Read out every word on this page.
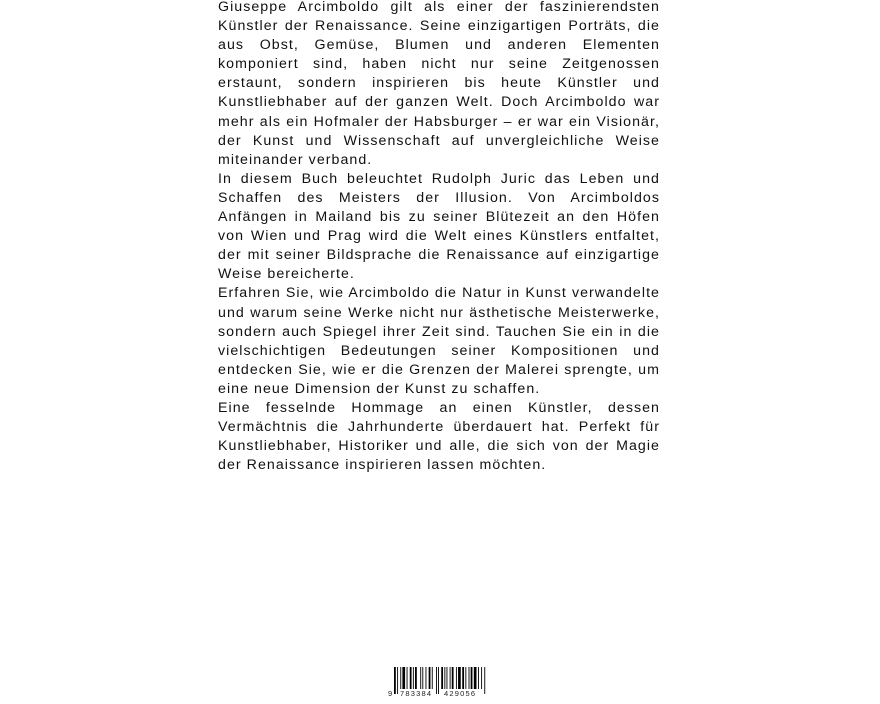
Giuseppe Arcimboldo gilt als einer der faszinierendsten Künstler der Renaissance. Seine einzigartigen Porträts, die aus Obst, Gemüse, Blumen und anderen Elementen komponiert sind, haben nicht nur seine Zeitgenossen erstaunt, sondern inspirieren bis heute Künstler und Kunstliebhaber auf der ganzen Welt. Doch Arcimboldo war mehr als ein Hofmaler der Habsburger – er war ein Visionär, der Kunst und Wissenschaft auf unvergleichliche Weise miteinander verband.

In diesem Buch beleuchtet Rudolph Juric das Leben und Schaffen des Meisters der Illusion. Von Arcimboldos Anfängen in Mailand bis zu seiner Blütezeit an den Höfen von Wien und Prag wird die Welt eines Künstlers entfaltet, der mit seiner Bildsprache die Renaissance auf einzigartige Weise bereicherte.

Erfahren Sie, wie Arcimboldo die Natur in Kunst verwandelte und warum seine Werke nicht nur ästhetische Meisterwerke, sondern auch Spiegel ihrer Zeit sind. Tauchen Sie ein in die vielschichtigen Bedeutungen seiner Kompositionen und entdecken Sie, wie er die Grenzen der Malerei sprengte, um eine neue Dimension der Kunst zu schaffen.

Eine fesselnde Hommage an einen Künstler, dessen Vermächtnis die Jahrhunderte überdauert hat. Perfekt für Kunstliebhaber, Historiker und alle, die sich von der Magie der Renaissance inspirieren lassen möchten.

9 783384 429056
